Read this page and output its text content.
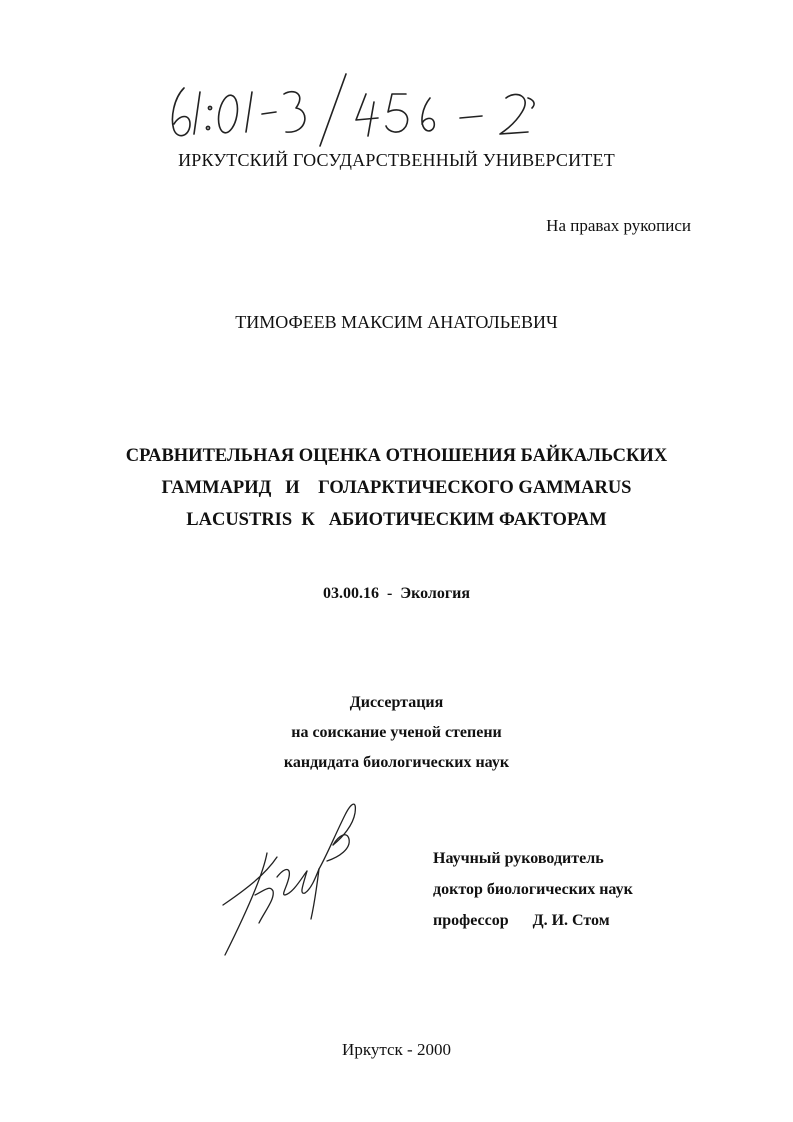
ИРКУТСКИЙ ГОСУДАРСТВЕННЫЙ УНИВЕРСИТЕТ
На правах рукописи
ТИМОФЕЕВ МАКСИМ АНАТОЛЬЕВИЧ
СРАВНИТЕЛЬНАЯ ОЦЕНКА ОТНОШЕНИЯ БАЙКАЛЬСКИХ
ГАММАРИД   И    ГОЛАРКТИЧЕСКОГО GAMMARUS
LACUSTRIS  К   АБИОТИЧЕСКИМ ФАКТОРАМ
03.00.16  -  Экология
Диссертация
на соискание ученой степени
кандидата биологических наук
Научный руководитель
доктор биологических наук
профессор      Д. И. Стом
Иркутск - 2000
